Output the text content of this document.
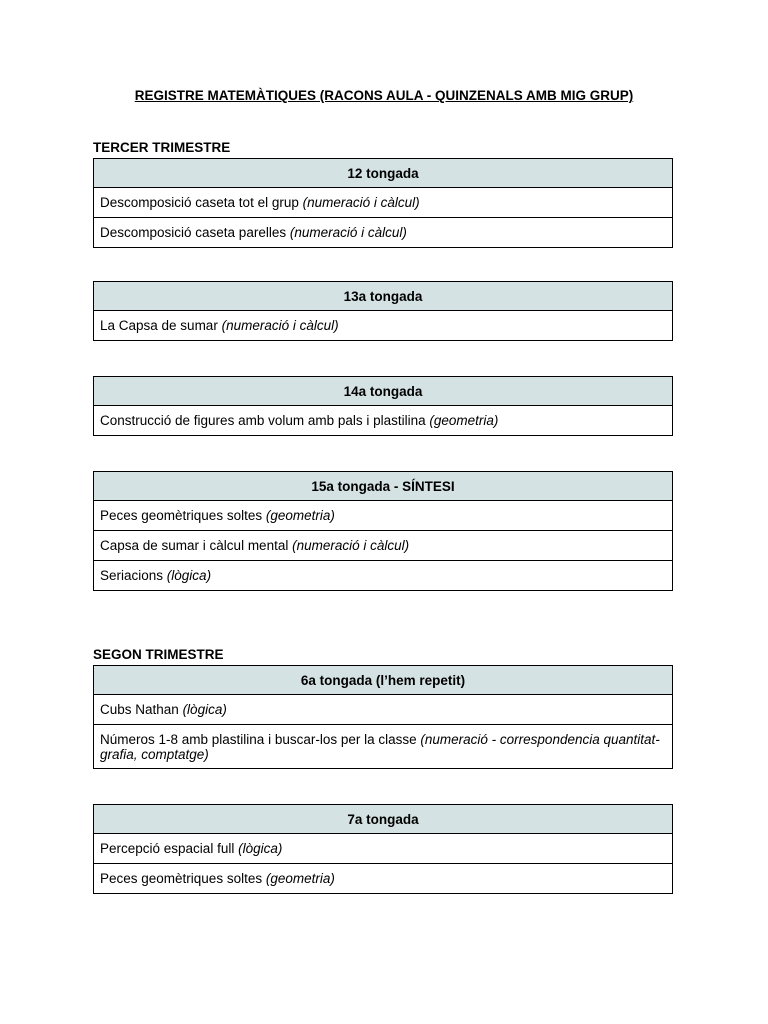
REGISTRE MATEMÀTIQUES (RACONS AULA - QUINZENALS AMB MIG GRUP)
TERCER TRIMESTRE
12 tongada
Descomposició caseta tot el grup (numeració i càlcul)
Descomposició caseta parelles (numeració i càlcul)
13a tongada
La Capsa de sumar (numeració i càlcul)
14a tongada
Construcció de figures amb volum amb pals i plastilina (geometria)
15a tongada - SÍNTESI
Peces geomètriques soltes (geometria)
Capsa de sumar i càlcul mental (numeració i càlcul)
Seriacions (lògica)
SEGON TRIMESTRE
6a tongada (l’hem repetit)
Cubs Nathan (lògica)
Números 1-8 amb plastilina i buscar-los per la classe (numeració - correspondencia quantitat-grafia, comptatge)
7a tongada
Percepció espacial full (lògica)
Peces geomètriques soltes (geometria)
